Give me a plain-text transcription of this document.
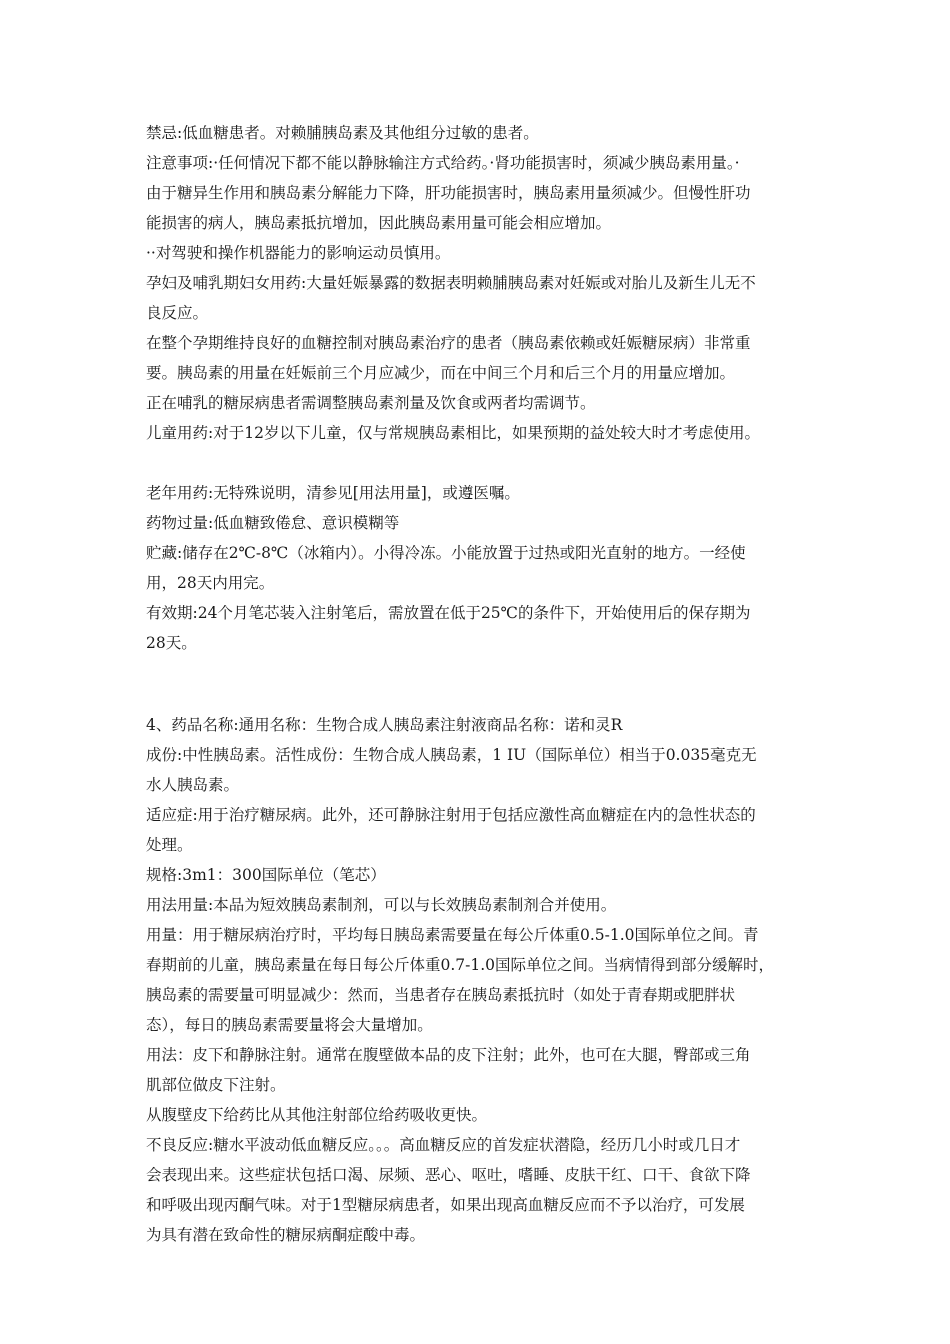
禁忌:低血糖患者。对赖脯胰岛素及其他组分过敏的患者。
注意事项:·任何情况下都不能以静脉输注方式给药。·肾功能损害时，须减少胰岛素用量。·
由于糖异生作用和胰岛素分解能力下降，肝功能损害时，胰岛素用量须减少。但慢性肝功
能损害的病人，胰岛素抵抗增加，因此胰岛素用量可能会相应增加。
··对驾驶和操作机器能力的影响运动员慎用。
孕妇及哺乳期妇女用药:大量妊娠暴露的数据表明赖脯胰岛素对妊娠或对胎儿及新生儿无不
良反应。
在整个孕期维持良好的血糖控制对胰岛素治疗的患者（胰岛素依赖或妊娠糖尿病）非常重
要。胰岛素的用量在妊娠前三个月应减少，而在中间三个月和后三个月的用量应增加。
正在哺乳的糖尿病患者需调整胰岛素剂量及饮食或两者均需调节。
儿童用药:对于12岁以下儿童，仅与常规胰岛素相比，如果预期的益处较大时才考虑使用。
老年用药:无特殊说明，清参见[用法用量]，或遵医嘱。
药物过量:低血糖致倦怠、意识模糊等
贮藏:储存在2℃-8℃（冰箱内）。小得冷冻。小能放置于过热或阳光直射的地方。一经使
用，28天内用完。
有效期:24个月笔芯装入注射笔后，需放置在低于25℃的条件下，开始使用后的保存期为
28天。
4、药品名称:通用名称：生物合成人胰岛素注射液商品名称：诺和灵R
成份:中性胰岛素。活性成份：生物合成人胰岛素，1 IU（国际单位）相当于0.035毫克无
水人胰岛素。
适应症:用于治疗糖尿病。此外，还可静脉注射用于包括应激性高血糖症在内的急性状态的
处理。
规格:3m1：300国际单位（笔芯）
用法用量:本品为短效胰岛素制剂，可以与长效胰岛素制剂合并使用。
用量：用于糖尿病治疗时，平均每日胰岛素需要量在每公斤体重0.5-1.0国际单位之间。青
春期前的儿童，胰岛素量在每日每公斤体重0.7-1.0国际单位之间。当病情得到部分缓解时，
胰岛素的需要量可明显减少：然而，当患者存在胰岛素抵抗时（如处于青春期或肥胖状
态），每日的胰岛素需要量将会大量增加。
用法：皮下和静脉注射。通常在腹壁做本品的皮下注射；此外，也可在大腿，臀部或三角
肌部位做皮下注射。
从腹壁皮下给药比从其他注射部位给药吸收更快。
不良反应:糖水平波动低血糖反应。。。高血糖反应的首发症状潜隐，经历几小时或几日才
会表现出来。这些症状包括口渴、尿频、恶心、呕吐，嗜睡、皮肤干红、口干、食欲下降
和呼吸出现丙酮气味。对于1型糖尿病患者，如果出现高血糖反应而不予以治疗，可发展
为具有潜在致命性的糖尿病酮症酸中毒。
